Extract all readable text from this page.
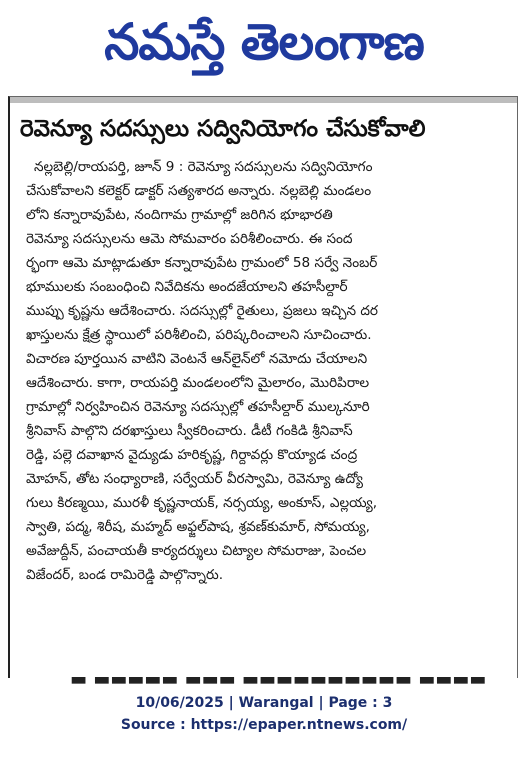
నమస్తే తెలంగాణ
రెవెన్యూ సదస్సులు సద్వినియోగం చేసుకోవాలి
నల్లబెల్లి/రాయపర్తి, జూన్ 9 : రెవెన్యూ సదస్సులను సద్వినియోగం
చేసుకోవాలని కలెక్టర్ డాక్టర్ సత్యశారద అన్నారు. నల్లబెల్లి మండలం
లోని కన్నారావుపేట, నందిగామ గ్రామాల్లో జరిగిన భూభారతి
రెవెన్యూ సదస్సులను ఆమె సోమవారం పరిశీలించారు. ఈ సంద
ర్భంగా ఆమె మాట్లాడుతూ కన్నారావుపేట గ్రామంలో 58 సర్వే నెంబర్
భూములకు సంబంధించి నివేదికను అందజేయాలని తహసీల్దార్
ముప్పు కృష్ణను ఆదేశించారు. సదస్సుల్లో రైతులు, ప్రజలు ఇచ్చిన దర
ఖాస్తులను క్షేత్ర స్థాయిలో పరిశీలించి, పరిష్కరించాలని సూచించారు.
విచారణ పూర్తయిన వాటిని వెంటనే ఆన్‌లైన్‌లో నమోదు చేయాలని
ఆదేశించారు. కాగా, రాయపర్తి మండలంలోని మైలారం, మొరిపిరాల
గ్రామాల్లో నిర్వహించిన రెవెన్యూ సదస్సుల్లో తహసీల్దార్ ముల్కనూరి
శ్రీనివాస్ పాల్గొని దరఖాస్తులు స్వీకరించారు. డీటీ గంకిడి శ్రీనివాస్
రెడ్డి, పల్లె దవాఖాన వైద్యుడు హరికృష్ణ, గిర్దావర్లు కొయ్యాడ చంద్ర
మోహన్, తోట సంధ్యారాణి, సర్వేయర్ వీరస్వామి, రెవెన్యూ ఉద్యో
గులు కిరణ్మయి, మురళీ కృష్ణనాయక్, నర్సయ్య, అంకూస్, ఎల్లయ్య,
స్వాతి, పద్మ, శిరీష, మహ్మద్ అఫ్జల్‌పాష, శ్రవణ్‌కుమార్, సోమయ్య,
అవేజుద్దీన్, పంచాయతీ కార్యదర్శులు చిట్యాల సోమరాజు, పెంచల
విజేందర్, బండ రామిరెడ్డి పాల్గొన్నారు.
▬ ▬▬▬▬▬ ▬▬▬ ▬▬▬▬▬▬▬▬▬▬ ▬▬▬▬
10/06/2025 | Warangal | Page : 3
Source : https://epaper.ntnews.com/
